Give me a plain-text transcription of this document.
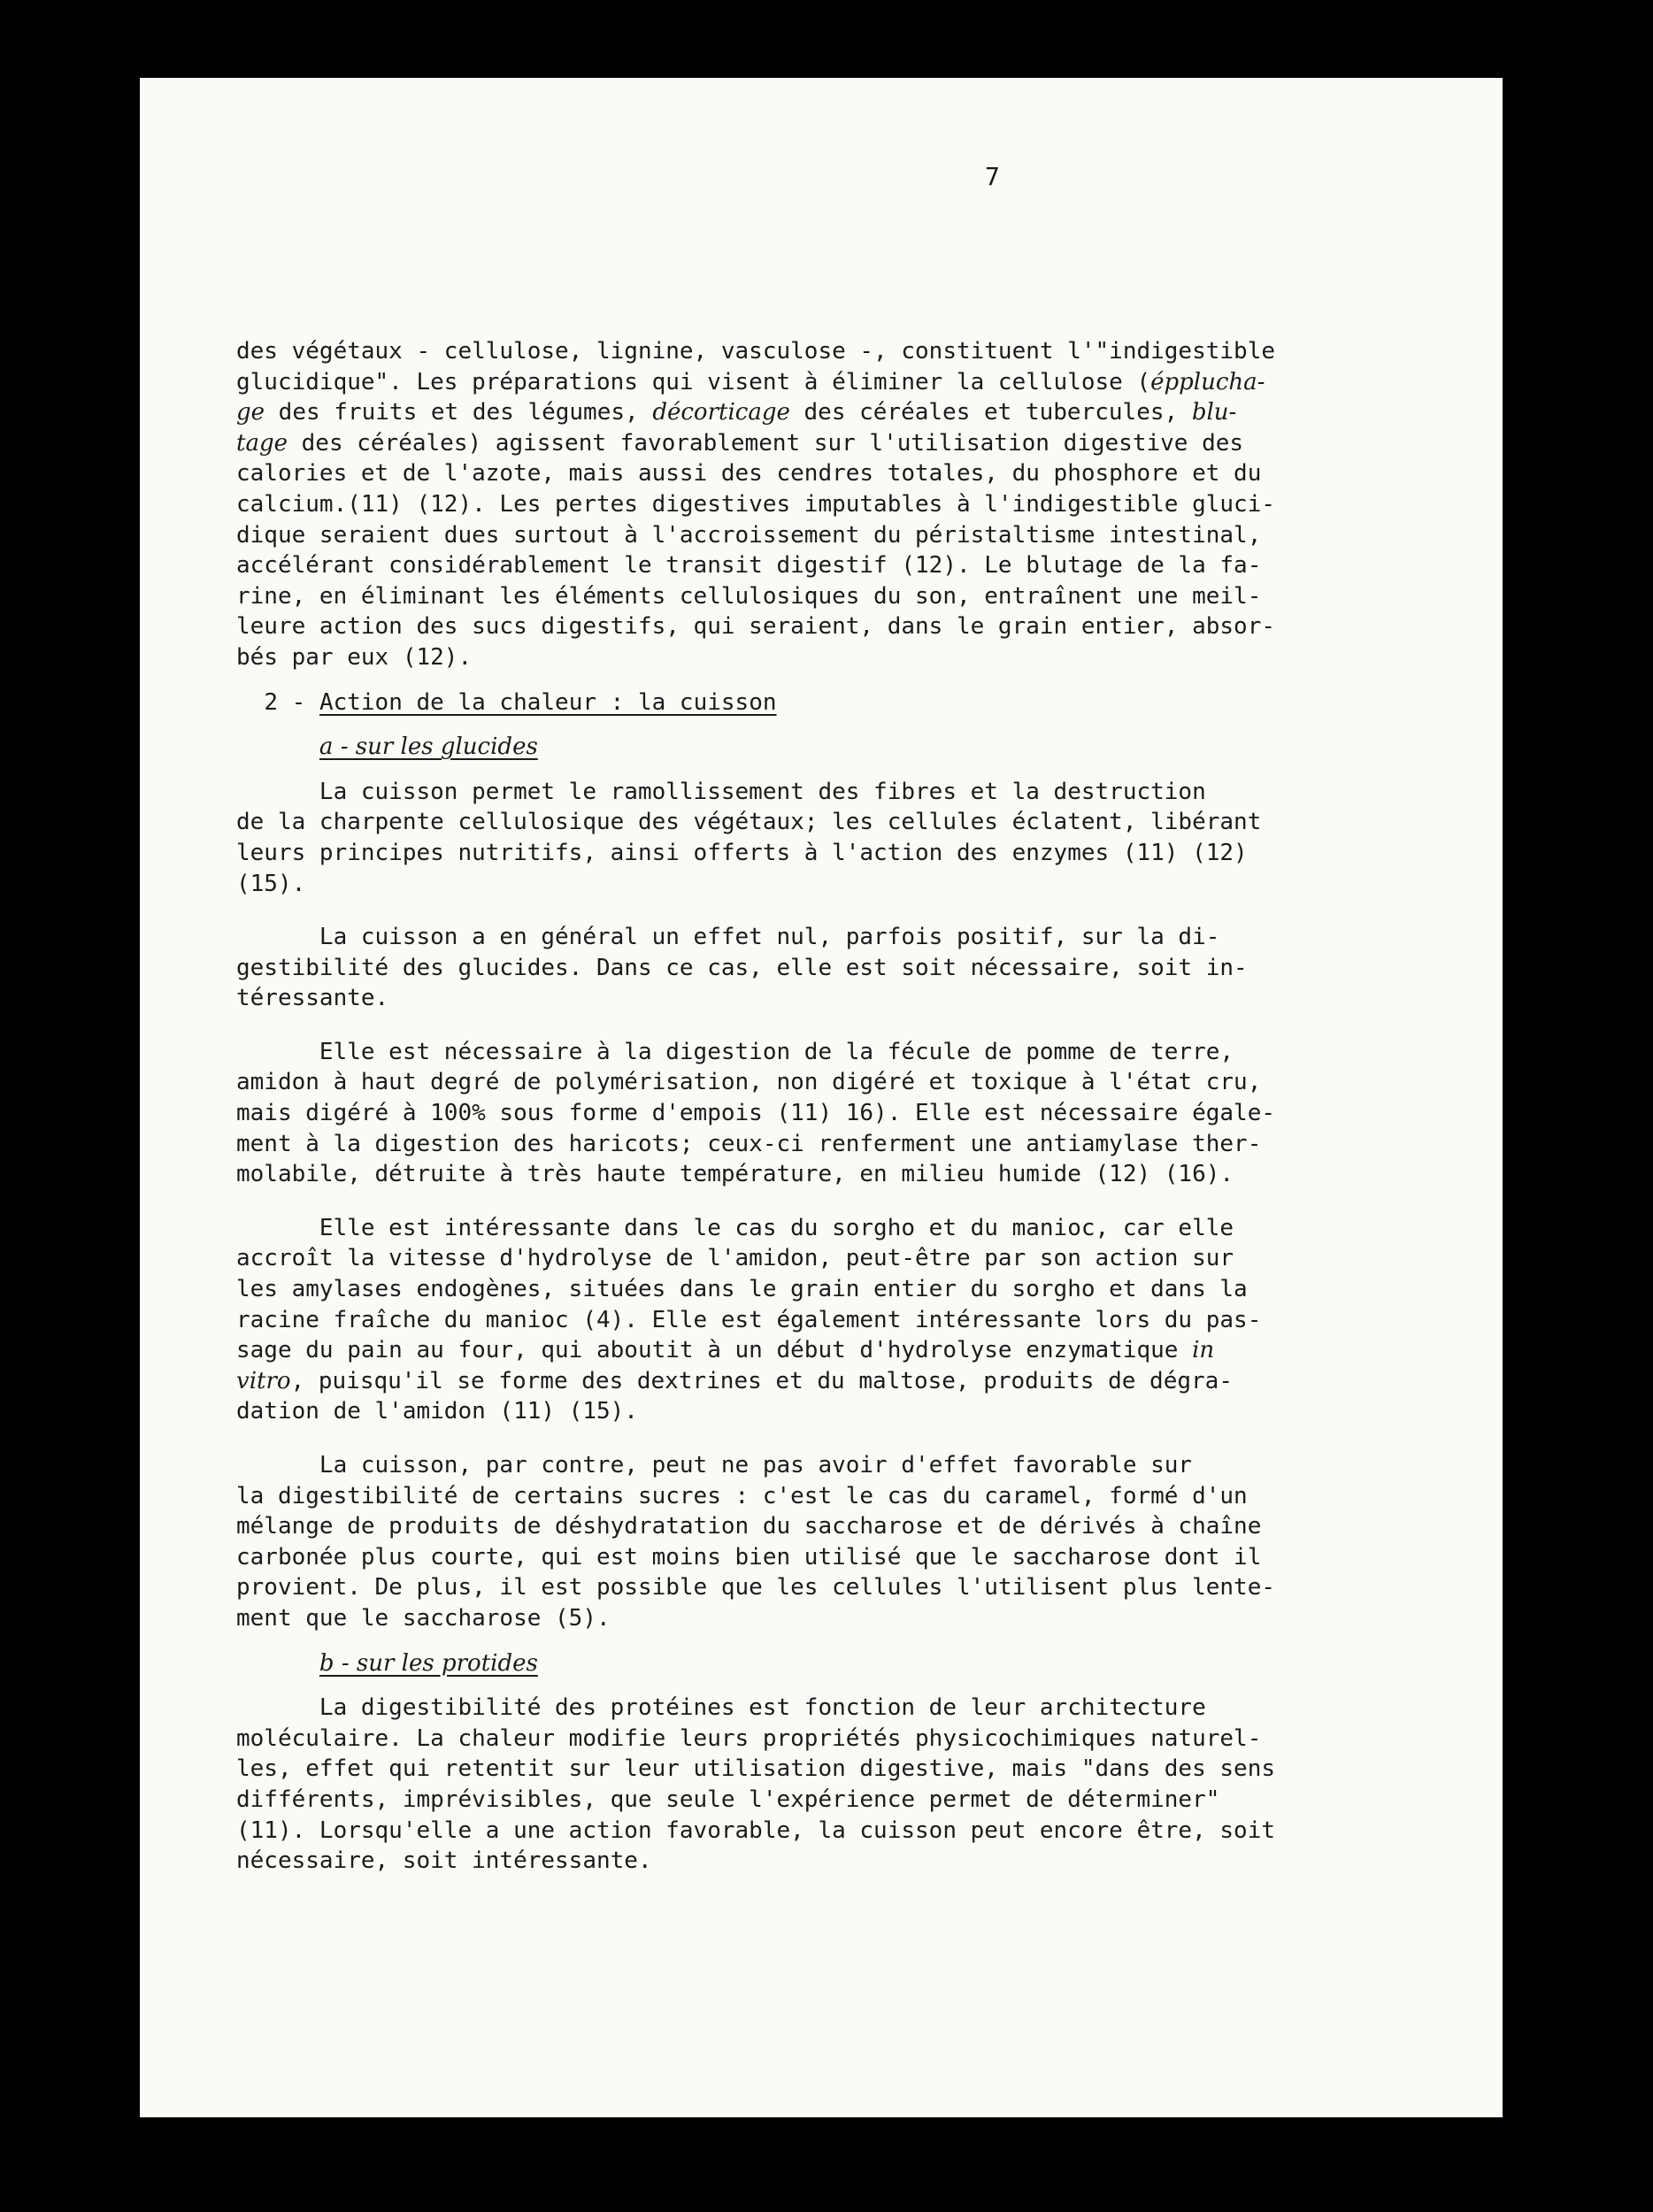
7
des végétaux - cellulose, lignine, vasculose -, constituent l'"indigestible
glucidique". Les préparations qui visent à éliminer la cellulose (épplucha-
ge des fruits et des légumes, décorticage des céréales et tubercules, blu-
tage des céréales) agissent favorablement sur l'utilisation digestive des
calories et de l'azote, mais aussi des cendres totales, du phosphore et du
calcium.(11) (12). Les pertes digestives imputables à l'indigestible gluci-
dique seraient dues surtout à l'accroissement du péristaltisme intestinal,
accélérant considérablement le transit digestif (12). Le blutage de la fa-
rine, en éliminant les éléments cellulosiques du son, entraînent une meil-
leure action des sucs digestifs, qui seraient, dans le grain entier, absor-
bés par eux (12).
2 - Action de la chaleur : la cuisson
a - sur les glucides
La cuisson permet le ramollissement des fibres et la destruction
de la charpente cellulosique des végétaux; les cellules éclatent, libérant
leurs principes nutritifs, ainsi offerts à l'action des enzymes (11) (12)
(15).
La cuisson a en général un effet nul, parfois positif, sur la di-
gestibilité des glucides. Dans ce cas, elle est soit nécessaire, soit in-
téressante.
Elle est nécessaire à la digestion de la fécule de pomme de terre,
amidon à haut degré de polymérisation, non digéré et toxique à l'état cru,
mais digéré à 100% sous forme d'empois (11) 16). Elle est nécessaire égale-
ment à la digestion des haricots; ceux-ci renferment une antiamylase ther-
molabile, détruite à très haute température, en milieu humide (12) (16).
Elle est intéressante dans le cas du sorgho et du manioc, car elle
accroît la vitesse d'hydrolyse de l'amidon, peut-être par son action sur
les amylases endogènes, situées dans le grain entier du sorgho et dans la
racine fraîche du manioc (4). Elle est également intéressante lors du pas-
sage du pain au four, qui aboutit à un début d'hydrolyse enzymatique in
vitro, puisqu'il se forme des dextrines et du maltose, produits de dégra-
dation de l'amidon (11) (15).
La cuisson, par contre, peut ne pas avoir d'effet favorable sur
la digestibilité de certains sucres : c'est le cas du caramel, formé d'un
mélange de produits de déshydratation du saccharose et de dérivés à chaîne
carbonée plus courte, qui est moins bien utilisé que le saccharose dont il
provient. De plus, il est possible que les cellules l'utilisent plus lente-
ment que le saccharose (5).
b - sur les protides
La digestibilité des protéines est fonction de leur architecture
moléculaire. La chaleur modifie leurs propriétés physicochimiques naturel-
les, effet qui retentit sur leur utilisation digestive, mais "dans des sens
différents, imprévisibles, que seule l'expérience permet de déterminer"
(11). Lorsqu'elle a une action favorable, la cuisson peut encore être, soit
nécessaire, soit intéressante.
